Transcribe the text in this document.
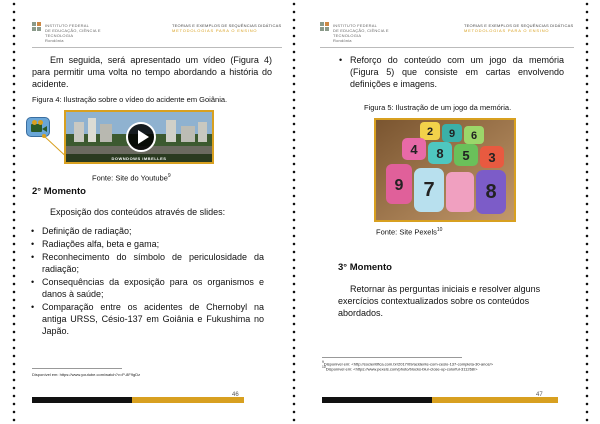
INSTITUTO FEDERAL
DE EDUCAÇÃO, CIÊNCIA E TECNOLOGIA
Rondônia
TEORIAS E EXEMPLOS DE SEQUÊNCIAS DIDÁTICAS
METODOLOGIAS PARA O ENSINO
Em seguida, será apresentado um vídeo (Figura 4) para permitir uma volta no tempo abordando a história do acidente.
Figura 4: Ilustração sobre o vídeo do acidente em Goiânia.
DOWNDOWS IMBELLES
Fonte: Site do Youtube$^9$
2° Momento
Exposição dos conteúdos através de slides:
• Definição de radiação;
• Radiações alfa, beta e gama;
• Reconhecimento do símbolo de periculosidade da radiação;
• Consequências da exposição para os organismos e danos à saúde;
• Comparação entre os acidentes de Chernobyl na antiga URSS, Césio-137 em Goiânia e Fukushima no Japão.
Disponível em: https://www.youtube.com/watch?v=P-8F9gDz
46
INSTITUTO FEDERAL
DE EDUCAÇÃO, CIÊNCIA E TECNOLOGIA
Rondônia
TEORIAS E EXEMPLOS DE SEQUÊNCIAS DIDÁTICAS
METODOLOGIAS PARA O ENSINO
• Reforço do conteúdo com um jogo da memória (Figura 5) que consiste em cartas envolvendo definições e imagens.
Figura 5: Ilustração de um jogo da memória.
2 9 6
4 8 5 3
7
9	8
Fonte: Site Pexels$^{10}$
3° Momento
Retornar às perguntas iniciais e resolver alguns exercícios contextualizados sobre os conteúdos abordados.
$^9$Disponível em: <http://socientifica.com.br/2017/09/acidente-com-cesio-137-completa-30-anos/>
$^{10}$Disponível em: <https://www.pexels.com/photo/blocks-blur-close-up-colorful-311268/>
47
